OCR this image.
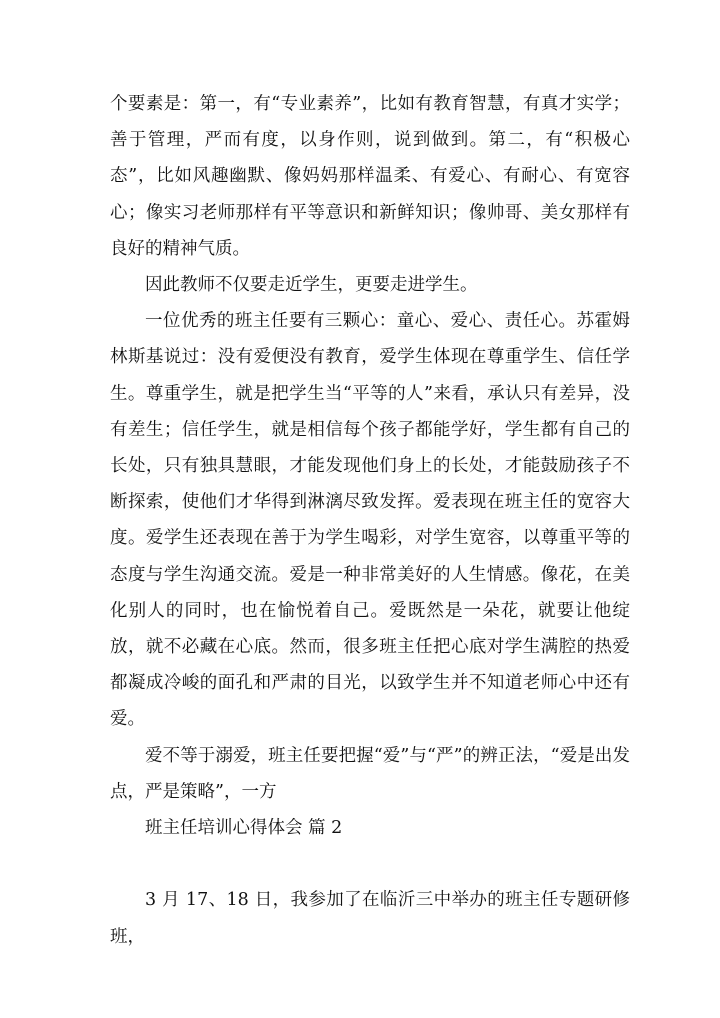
个要素是：第一，有“专业素养”，比如有教育智慧，有真才实学；善于管理，严而有度，以身作则，说到做到。第二，有“积极心态”，比如风趣幽默、像妈妈那样温柔、有爱心、有耐心、有宽容心；像实习老师那样有平等意识和新鲜知识；像帅哥、美女那样有良好的精神气质。

因此教师不仅要走近学生，更要走进学生。

一位优秀的班主任要有三颗心：童心、爱心、责任心。苏霍姆林斯基说过：没有爱便没有教育，爱学生体现在尊重学生、信任学生。尊重学生，就是把学生当“平等的人”来看，承认只有差异，没有差生；信任学生，就是相信每个孩子都能学好，学生都有自己的长处，只有独具慧眼，才能发现他们身上的长处，才能鼓励孩子不断探索，使他们才华得到淋漓尽致发挥。爱表现在班主任的宽容大度。爱学生还表现在善于为学生喝彩，对学生宽容，以尊重平等的态度与学生沟通交流。爱是一种非常美好的人生情感。像花，在美化别人的同时，也在愉悦着自己。爱既然是一朵花，就要让他绽放，就不必藏在心底。然而，很多班主任把心底对学生满腔的热爱都凝成冷峻的面孔和严肃的目光，以致学生并不知道老师心中还有爱。

爱不等于溺爱，班主任要把握“爱”与“严”的辨正法，“爱是出发点，严是策略”，一方

班主任培训心得体会 篇 2

3 月 17、18 日，我参加了在临沂三中举办的班主任专题研修班，
